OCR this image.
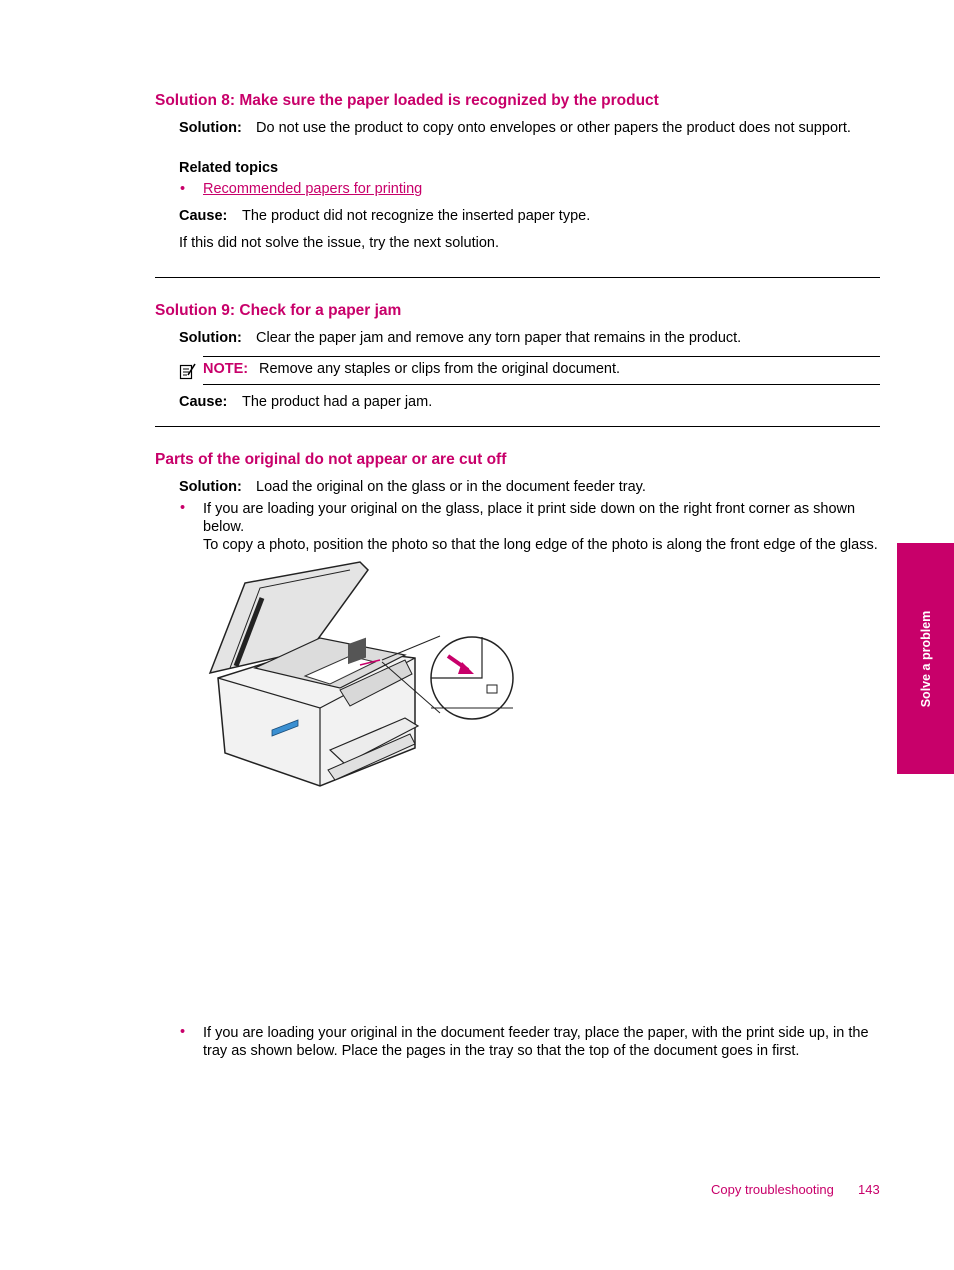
Solution 8: Make sure the paper loaded is recognized by the product
Solution: Do not use the product to copy onto envelopes or other papers the product does not support.
Related topics
• Recommended papers for printing
Cause: The product did not recognize the inserted paper type.
If this did not solve the issue, try the next solution.
Solution 9: Check for a paper jam
Solution: Clear the paper jam and remove any torn paper that remains in the product.
NOTE: Remove any staples or clips from the original document.
Cause: The product had a paper jam.
Parts of the original do not appear or are cut off
Solution: Load the original on the glass or in the document feeder tray.
• If you are loading your original on the glass, place it print side down on the right front corner as shown below.
To copy a photo, position the photo so that the long edge of the photo is along the front edge of the glass.
• If you are loading your original in the document feeder tray, place the paper, with the print side up, in the
tray as shown below. Place the pages in the tray so that the top of the document goes in first.
Solve a problem
Copy troubleshooting 143
